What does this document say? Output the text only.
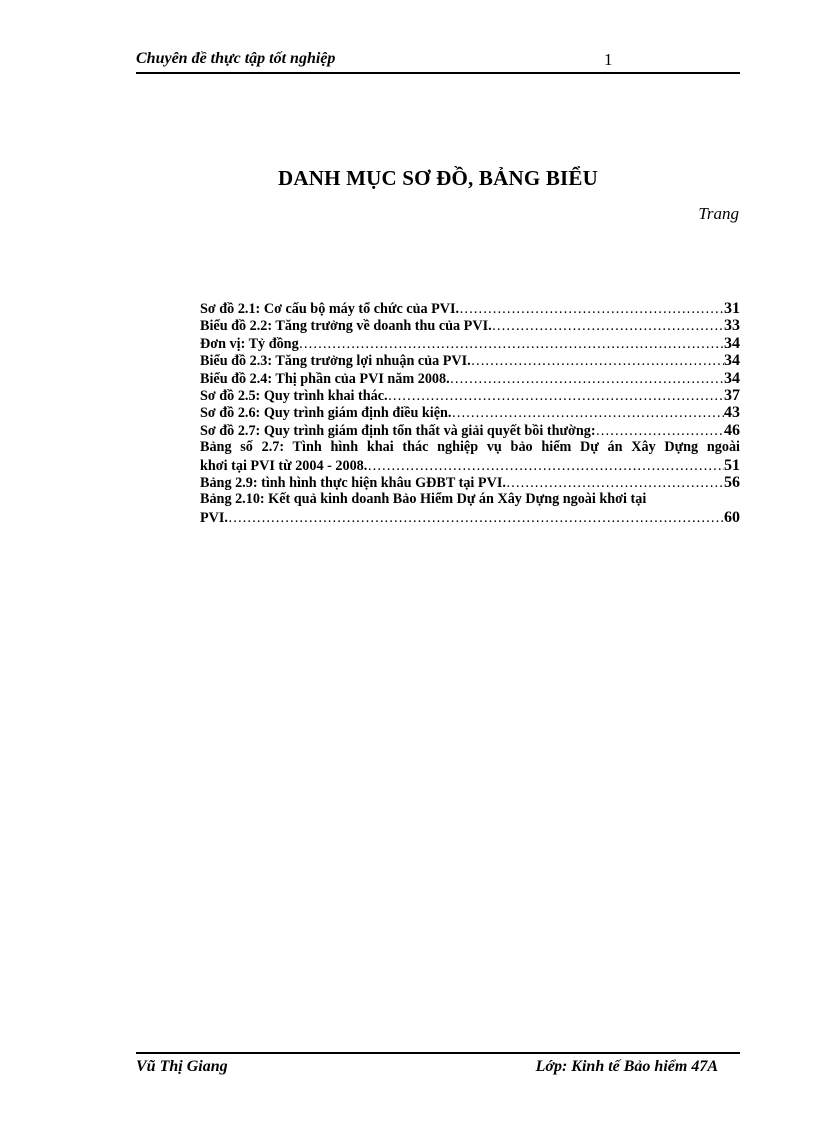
Chuyên đề thực tập tốt nghiệp	1
DANH MỤC SƠ ĐỒ, BẢNG BIỂU
Trang
Sơ đồ 2.1: Cơ cấu bộ máy tổ chức của PVI. ………………………………………………………………………………………………………………………………………………………………	31
Biểu đồ 2.2: Tăng trưởng về doanh thu của PVI. ………………………………………………………………………………………………………………………………………………………………	33
Đơn vị: Tỷ đồng ………………………………………………………………………………………………………………………………………………………………	34
Biểu đồ 2.3: Tăng trưởng lợi nhuận của PVI. ………………………………………………………………………………………………………………………………………………………………	34
Biểu đồ 2.4: Thị phần của PVI năm 2008. ………………………………………………………………………………………………………………………………………………………………	34
Sơ đồ 2.5: Quy trình khai thác. ………………………………………………………………………………………………………………………………………………………………	37
Sơ đồ 2.6: Quy trình giám định điều kiện. ………………………………………………………………………………………………………………………………………………………………	43
Sơ đồ 2.7: Quy trình giám định tổn thất và giải quyết bồi thường: ………………………………………………………………………………………………………………………………………………………………	46
Bảng số 2.7: Tình hình khai thác nghiệp vụ bảo hiểm Dự án Xây Dựng ngoài
khơi tại PVI từ 2004 - 2008. ………………………………………………………………………………………………………………………………………………………………	51
Bảng 2.9: tình hình thực hiện khâu GĐBT tại PVI. ………………………………………………………………………………………………………………………………………………………………	56
Bảng 2.10: Kết quả kinh doanh Bảo Hiểm Dự án Xây Dựng ngoài khơi tại
PVI. ………………………………………………………………………………………………………………………………………………………………	60
Vũ Thị Giang	Lớp: Kinh tế Bảo hiểm 47A
